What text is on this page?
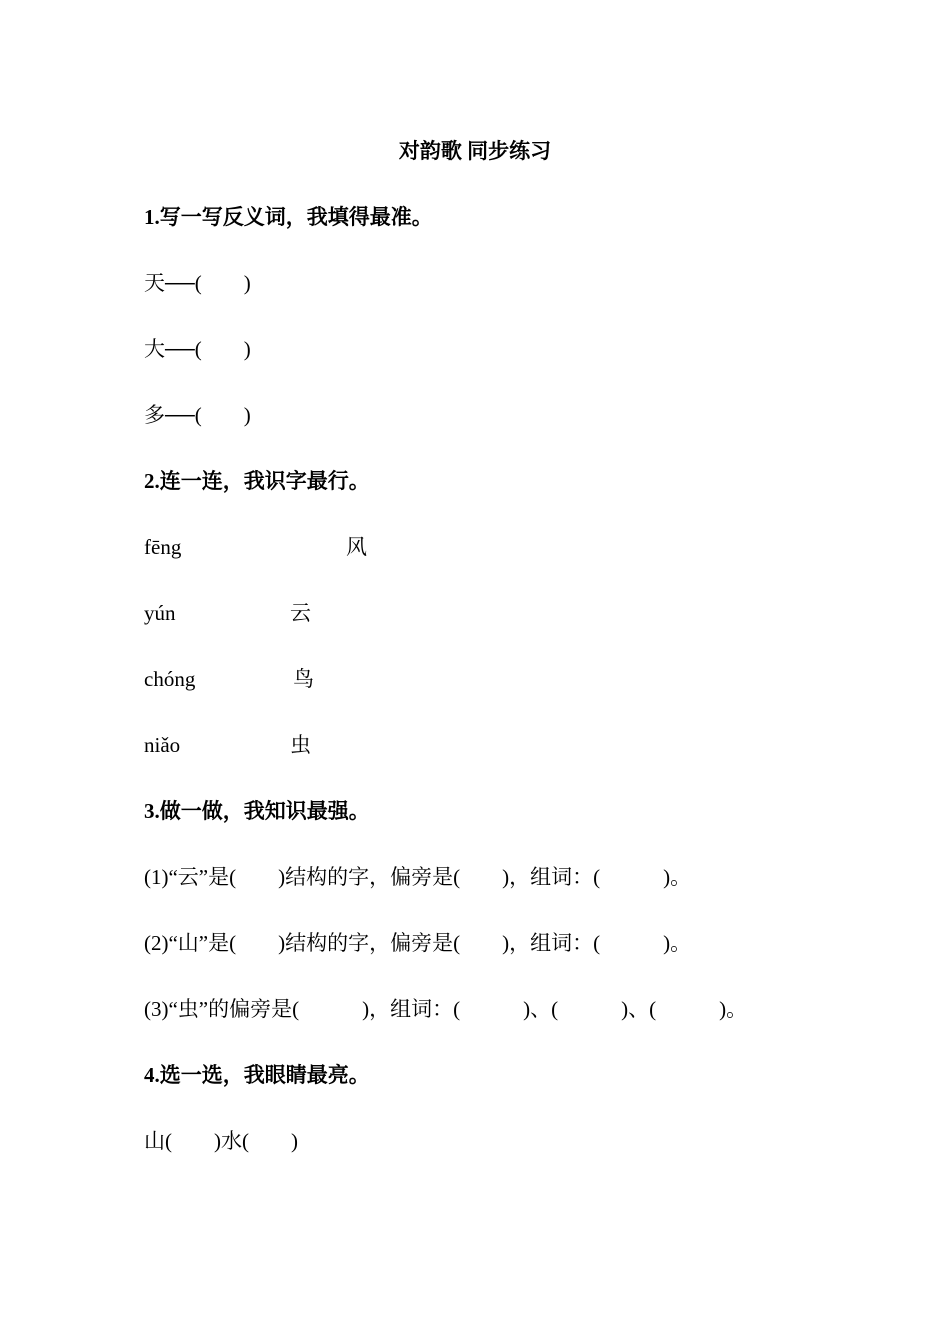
对韵歌 同步练习
1.写一写反义词，我填得最准。
天──(　　)
大──(　　)
多──(　　)
2.连一连，我识字最行。
fēng	风
yún	云
chóng	鸟
niǎo	虫
3.做一做，我知识最强。
(1)“云”是(　　)结构的字，偏旁是(　　)，组词：(　　　)。
(2)“山”是(　　)结构的字，偏旁是(　　)，组词：(　　　)。
(3)“虫”的偏旁是(　　　)，组词：(　　　)、(　　　)、(　　　)。
4.选一选，我眼睛最亮。
山(　　)水(　　)
